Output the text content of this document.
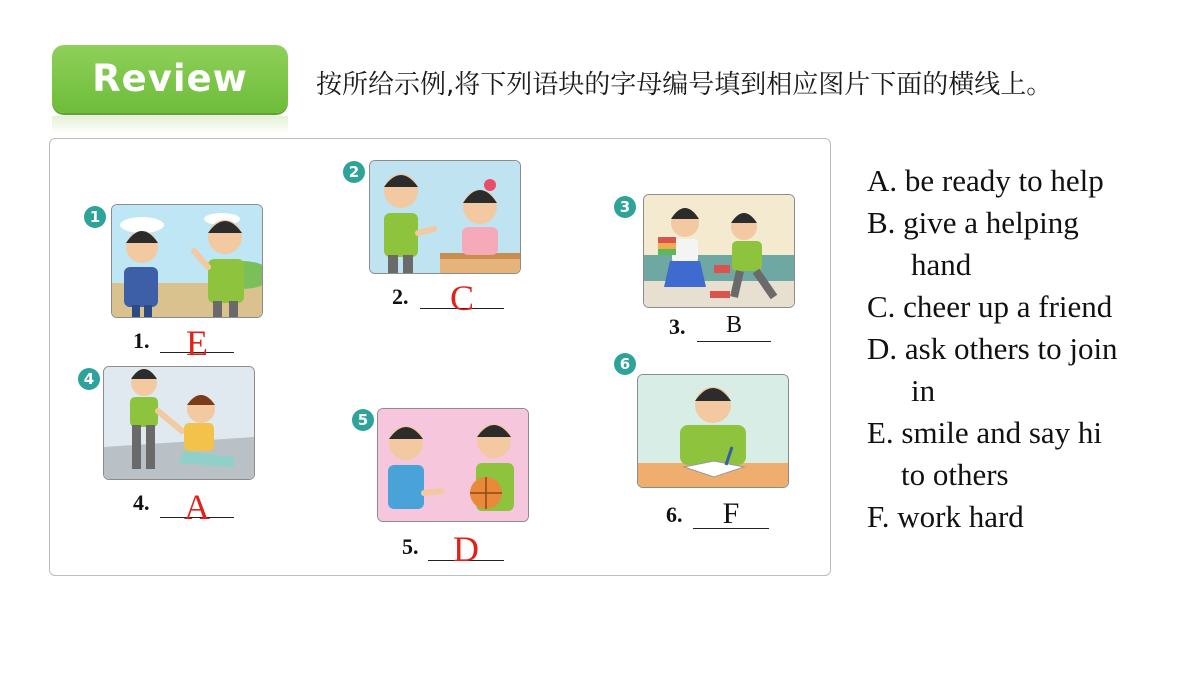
Review	按所给示例,将下列语块的字母编号填到相应图片下面的横线上。
1
1.	E
2
2.	C
3
3.	B
4
4. A
5
5. D
6
6.	F
A. be ready to help
B. give a helping
hand
C. cheer up a friend
D. ask others to join
in
E. smile and say hi
to others
F. work hard
